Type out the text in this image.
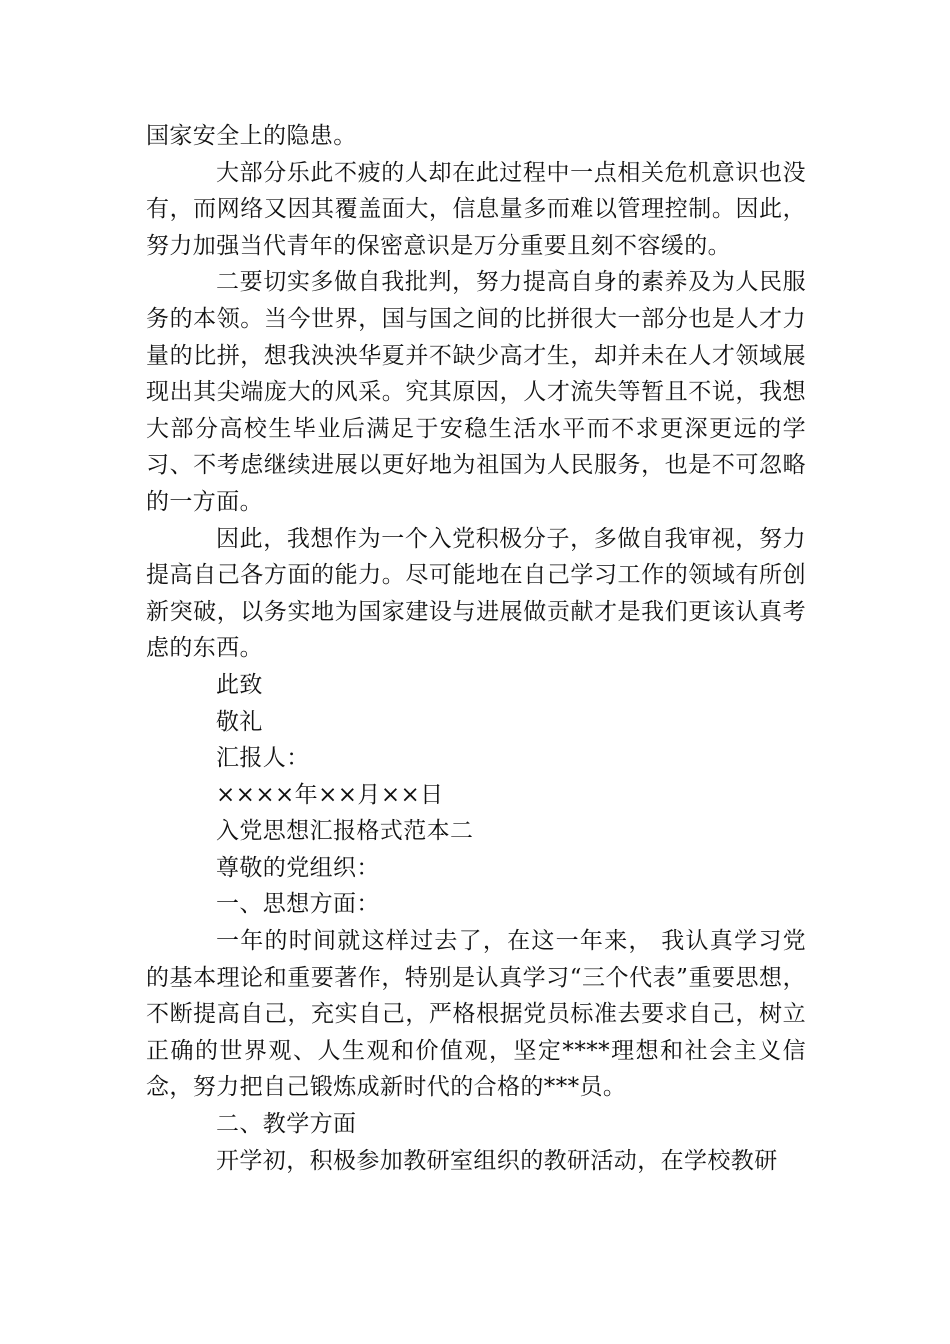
国家安全上的隐患。

大部分乐此不疲的人却在此过程中一点相关危机意识也没有，而网络又因其覆盖面大，信息量多而难以管理控制。因此，努力加强当代青年的保密意识是万分重要且刻不容缓的。

二要切实多做自我批判，努力提高自身的素养及为人民服务的本领。当今世界，国与国之间的比拼很大一部分也是人才力量的比拼，想我泱泱华夏并不缺少高才生，却并未在人才领域展现出其尖端庞大的风采。究其原因，人才流失等暂且不说，我想大部分高校生毕业后满足于安稳生活水平而不求更深更远的学习、不考虑继续进展以更好地为祖国为人民服务，也是不可忽略的一方面。

因此，我想作为一个入党积极分子，多做自我审视，努力提高自己各方面的能力。尽可能地在自己学习工作的领域有所创新突破，以务实地为国家建设与进展做贡献才是我们更该认真考虑的东西。

此致

敬礼

汇报人：

××××年××月××日

入党思想汇报格式范本二

尊敬的党组织：

一、思想方面：

一年的时间就这样过去了，在这一年来， 我认真学习党的基本理论和重要著作，特别是认真学习“三个代表”重要思想，不断提高自己，充实自己，严格根据党员标准去要求自己，树立正确的世界观、人生观和价值观，坚定****理想和社会主义信念，努力把自己锻炼成新时代的合格的***员。

二、教学方面

开学初，积极参加教研室组织的教研活动，在学校教研
